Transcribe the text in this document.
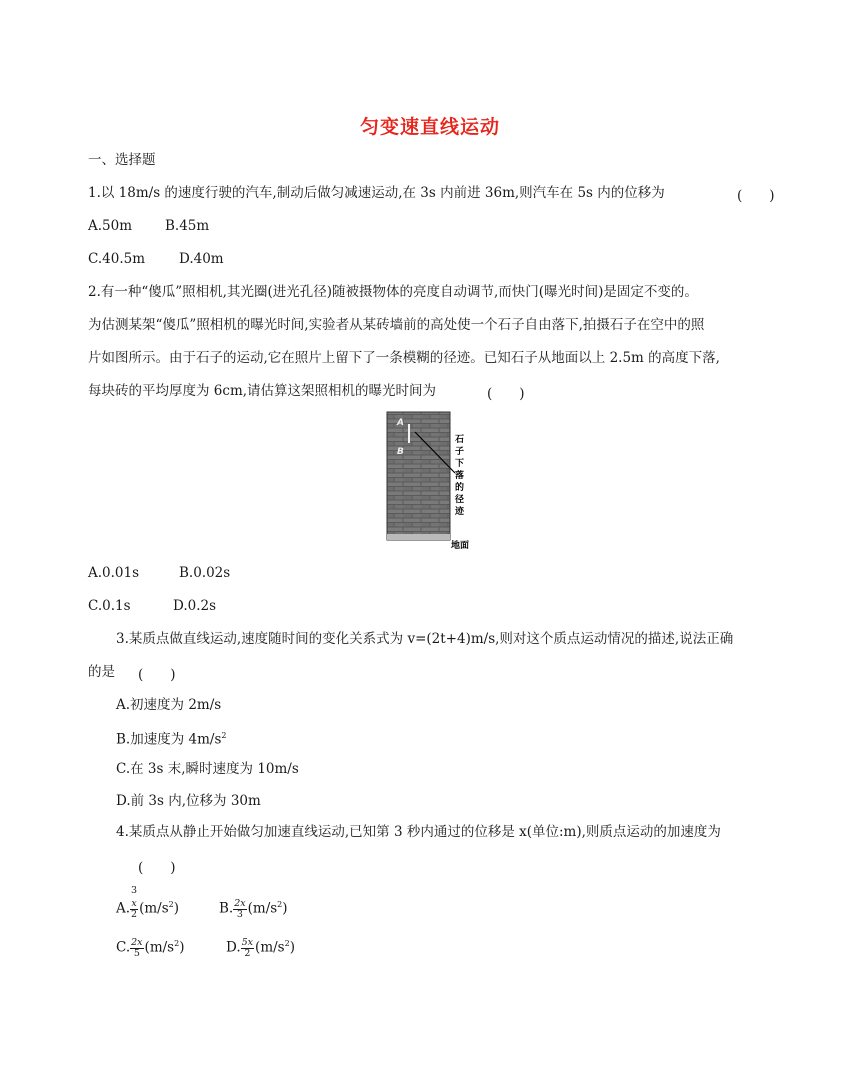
匀变速直线运动
一、选择题
1.以 18m/s 的速度行驶的汽车,制动后做匀减速运动,在 3s 内前进 36m,则汽车在 5s 内的位移为	(　　)
A.50m B.45m
C.40.5m	D.40m
2.有一种“傻瓜”照相机,其光圈(进光孔径)随被摄物体的亮度自动调节,而快门(曝光时间)是固定不变的。
为估测某架“傻瓜”照相机的曝光时间,实验者从某砖墙前的高处使一个石子自由落下,拍摄石子在空中的照
片如图所示。由于石子的运动,它在照片上留下了一条模糊的径迹。已知石子从地面以上 2.5m 的高度下落,
每块砖的平均厚度为 6cm,请估算这架照相机的曝光时间为	(　　)
A
B
石
子
下
落
的
径
迹
地面
A.0.01s	B.0.02s
C.0.1s	D.0.2s
3.某质点做直线运动,速度随时间的变化关系式为 v=(2t+4)m/s,则对这个质点运动情况的描述,说法正确
的是 (　　)
A.初速度为 2m/s
B.加速度为 $4m/s^2$
C.在 3s 末,瞬时速度为 10m/s
D.前 3s 内,位移为 30m
4.某质点从静止开始做匀加速直线运动,已知第 3 秒内通过的位移是 x(单位:m),则质点运动的加速度为
(　　)
3
A. $\frac{x}{2} (m/s^2)$	B. $\frac{2x}{3} (m/s^2)$
C. $\frac{2x}{5} (m/s^2)$	D. $\frac{5x}{2} (m/s^2)$
